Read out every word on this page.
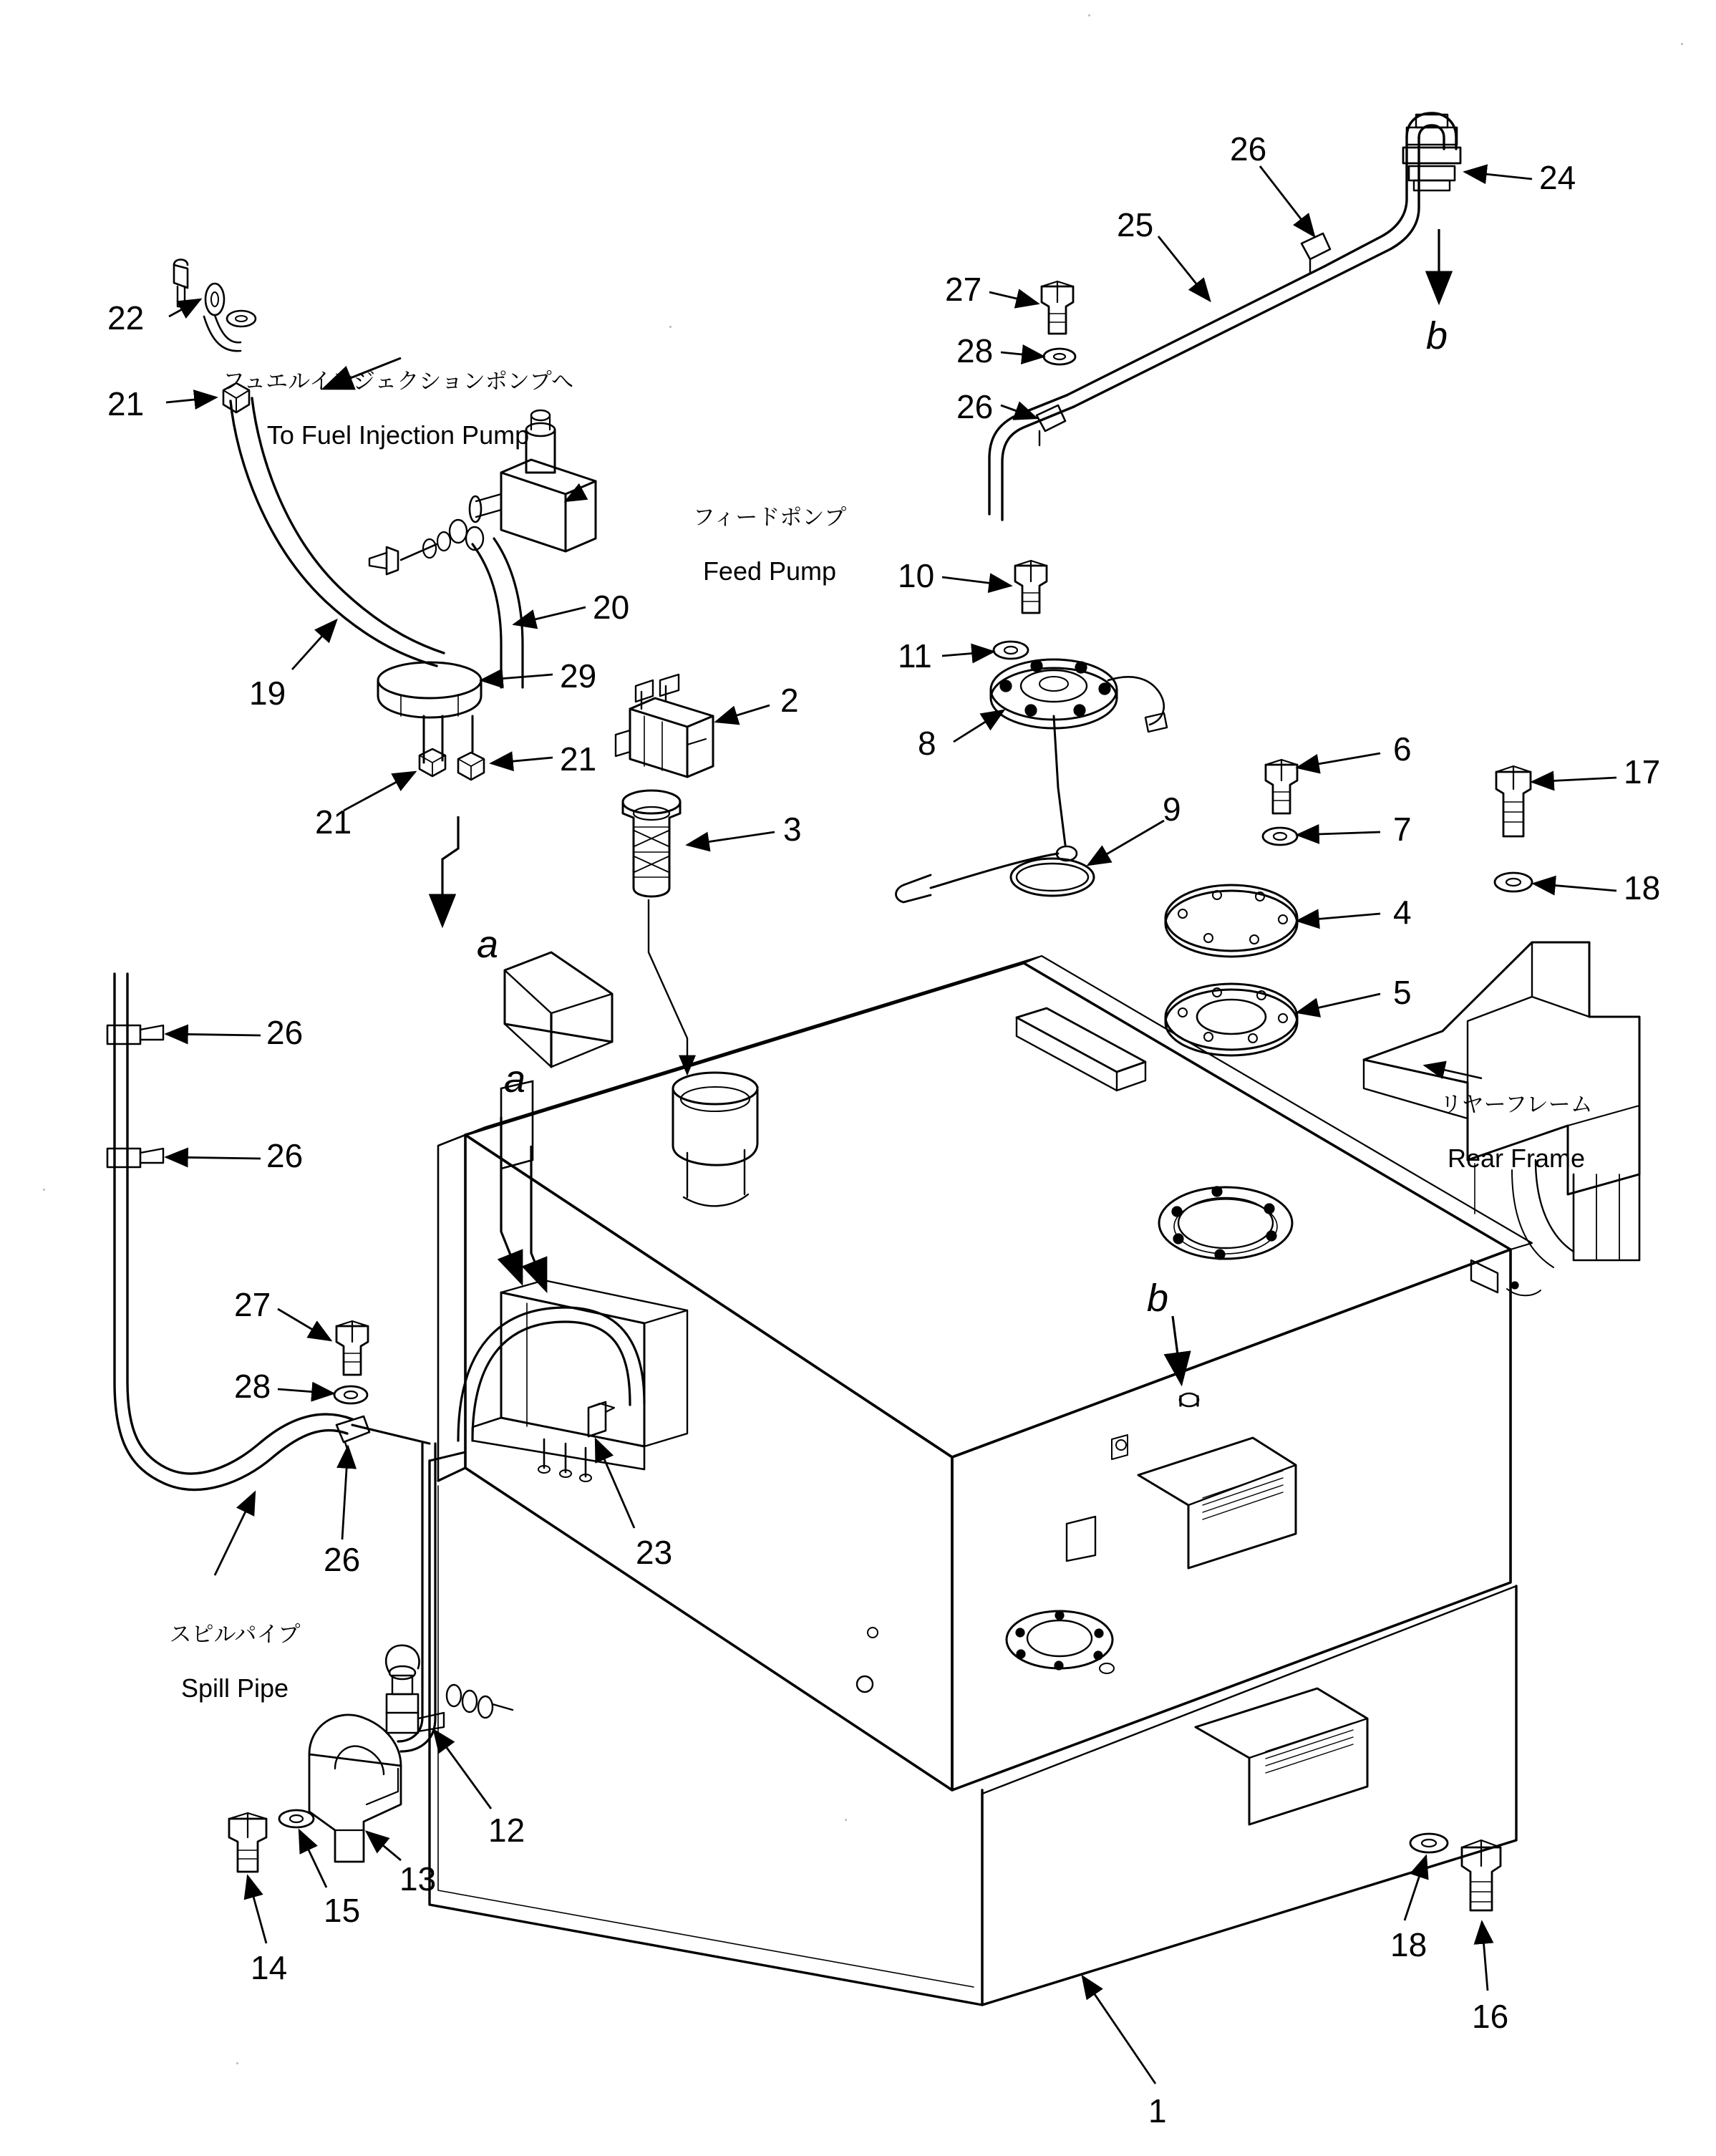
フュエルインジェクションポンプへ

To Fuel Injection Pump

フィードポンプ

Feed Pump

リヤーフレーム

Rear Frame

スピルパイプ

Spill Pipe

22
21
20
29
19
21
21
2
3
26
25
24
27
28
26
10
11
8
9
6
7
4
5
17
18
26
26
27
28
26	23
12
13
15
14
18
16
1
a
a
b
b
